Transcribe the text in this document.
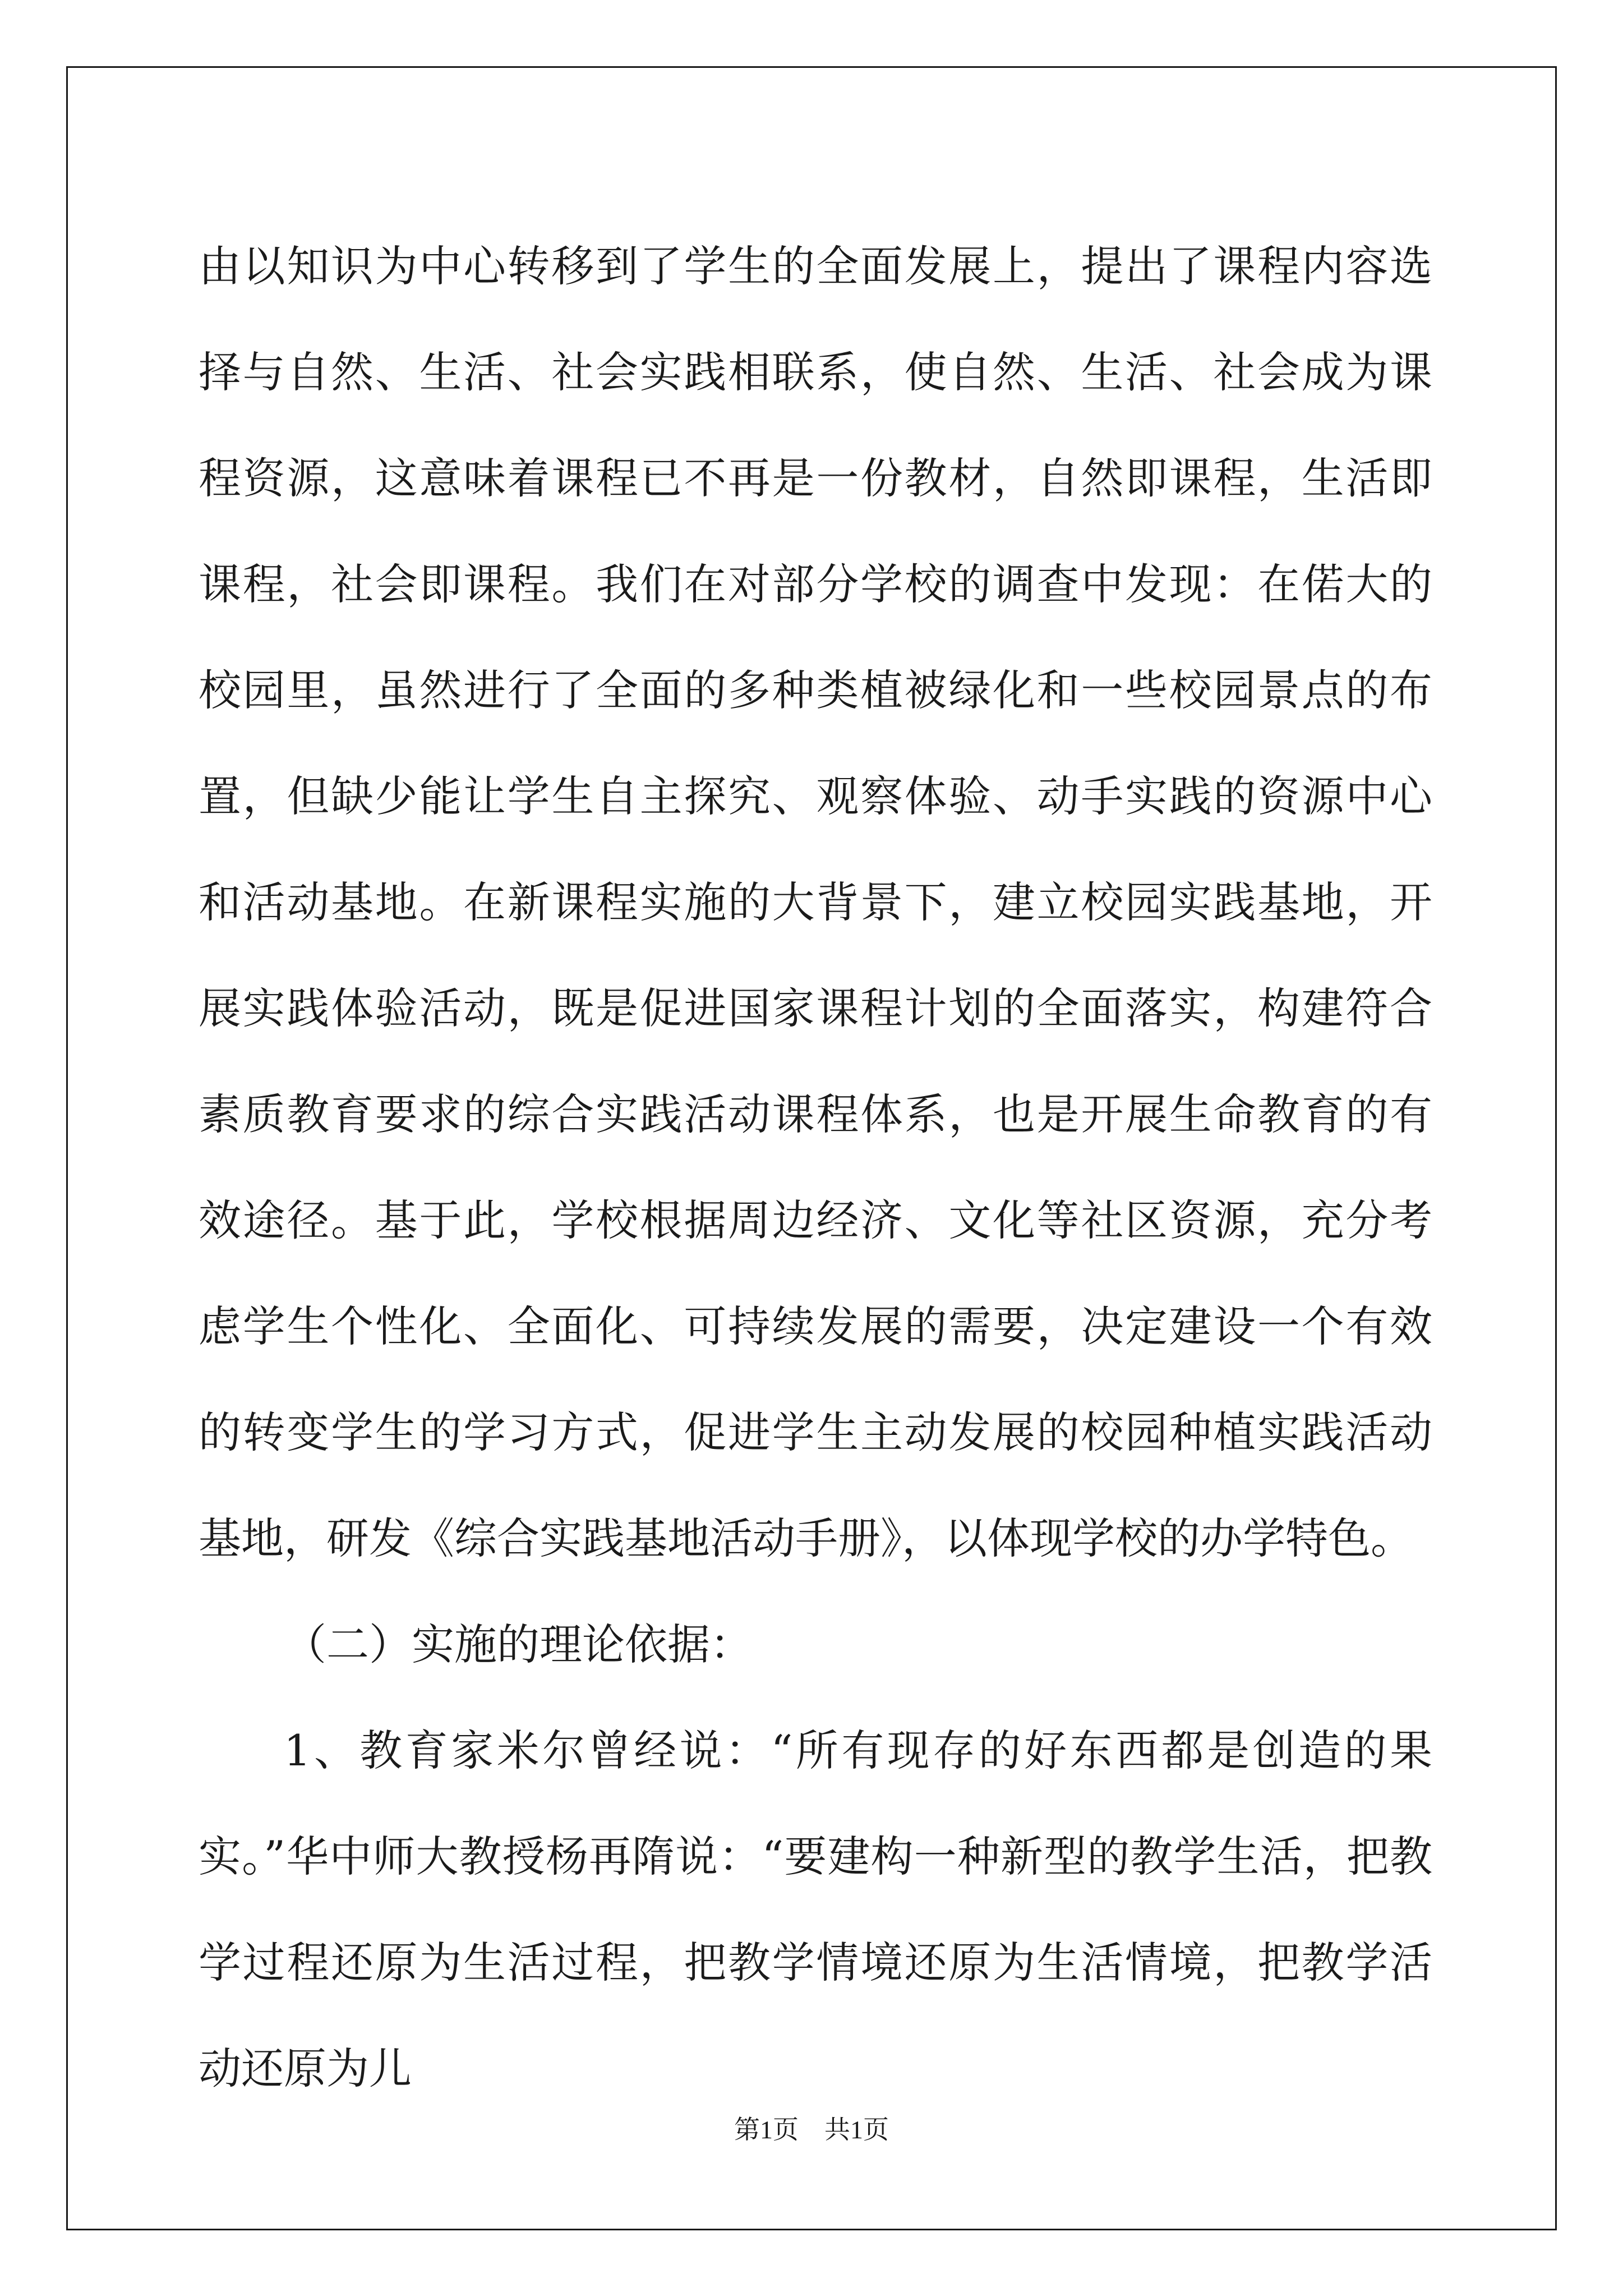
由以知识为中心转移到了学生的全面发展上，提出了课程内容选择与自然、生活、社会实践相联系，使自然、生活、社会成为课程资源，这意味着课程已不再是一份教材，自然即课程，生活即课程，社会即课程。我们在对部分学校的调查中发现：在偌大的校园里，虽然进行了全面的多种类植被绿化和一些校园景点的布置，但缺少能让学生自主探究、观察体验、动手实践的资源中心和活动基地。在新课程实施的大背景下，建立校园实践基地，开展实践体验活动，既是促进国家课程计划的全面落实，构建符合素质教育要求的综合实践活动课程体系，也是开展生命教育的有效途径。基于此，学校根据周边经济、文化等社区资源，充分考虑学生个性化、全面化、可持续发展的需要，决定建设一个有效的转变学生的学习方式，促进学生主动发展的校园种植实践活动基地，研发《综合实践基地活动手册》，以体现学校的办学特色。

（二）实施的理论依据：

1、教育家米尔曾经说：“所有现存的好东西都是创造的果实。”华中师大教授杨再隋说：“要建构一种新型的教学生活，把教学过程还原为生活过程，把教学情境还原为生活情境，把教学活动还原为儿

第1页　共1页
